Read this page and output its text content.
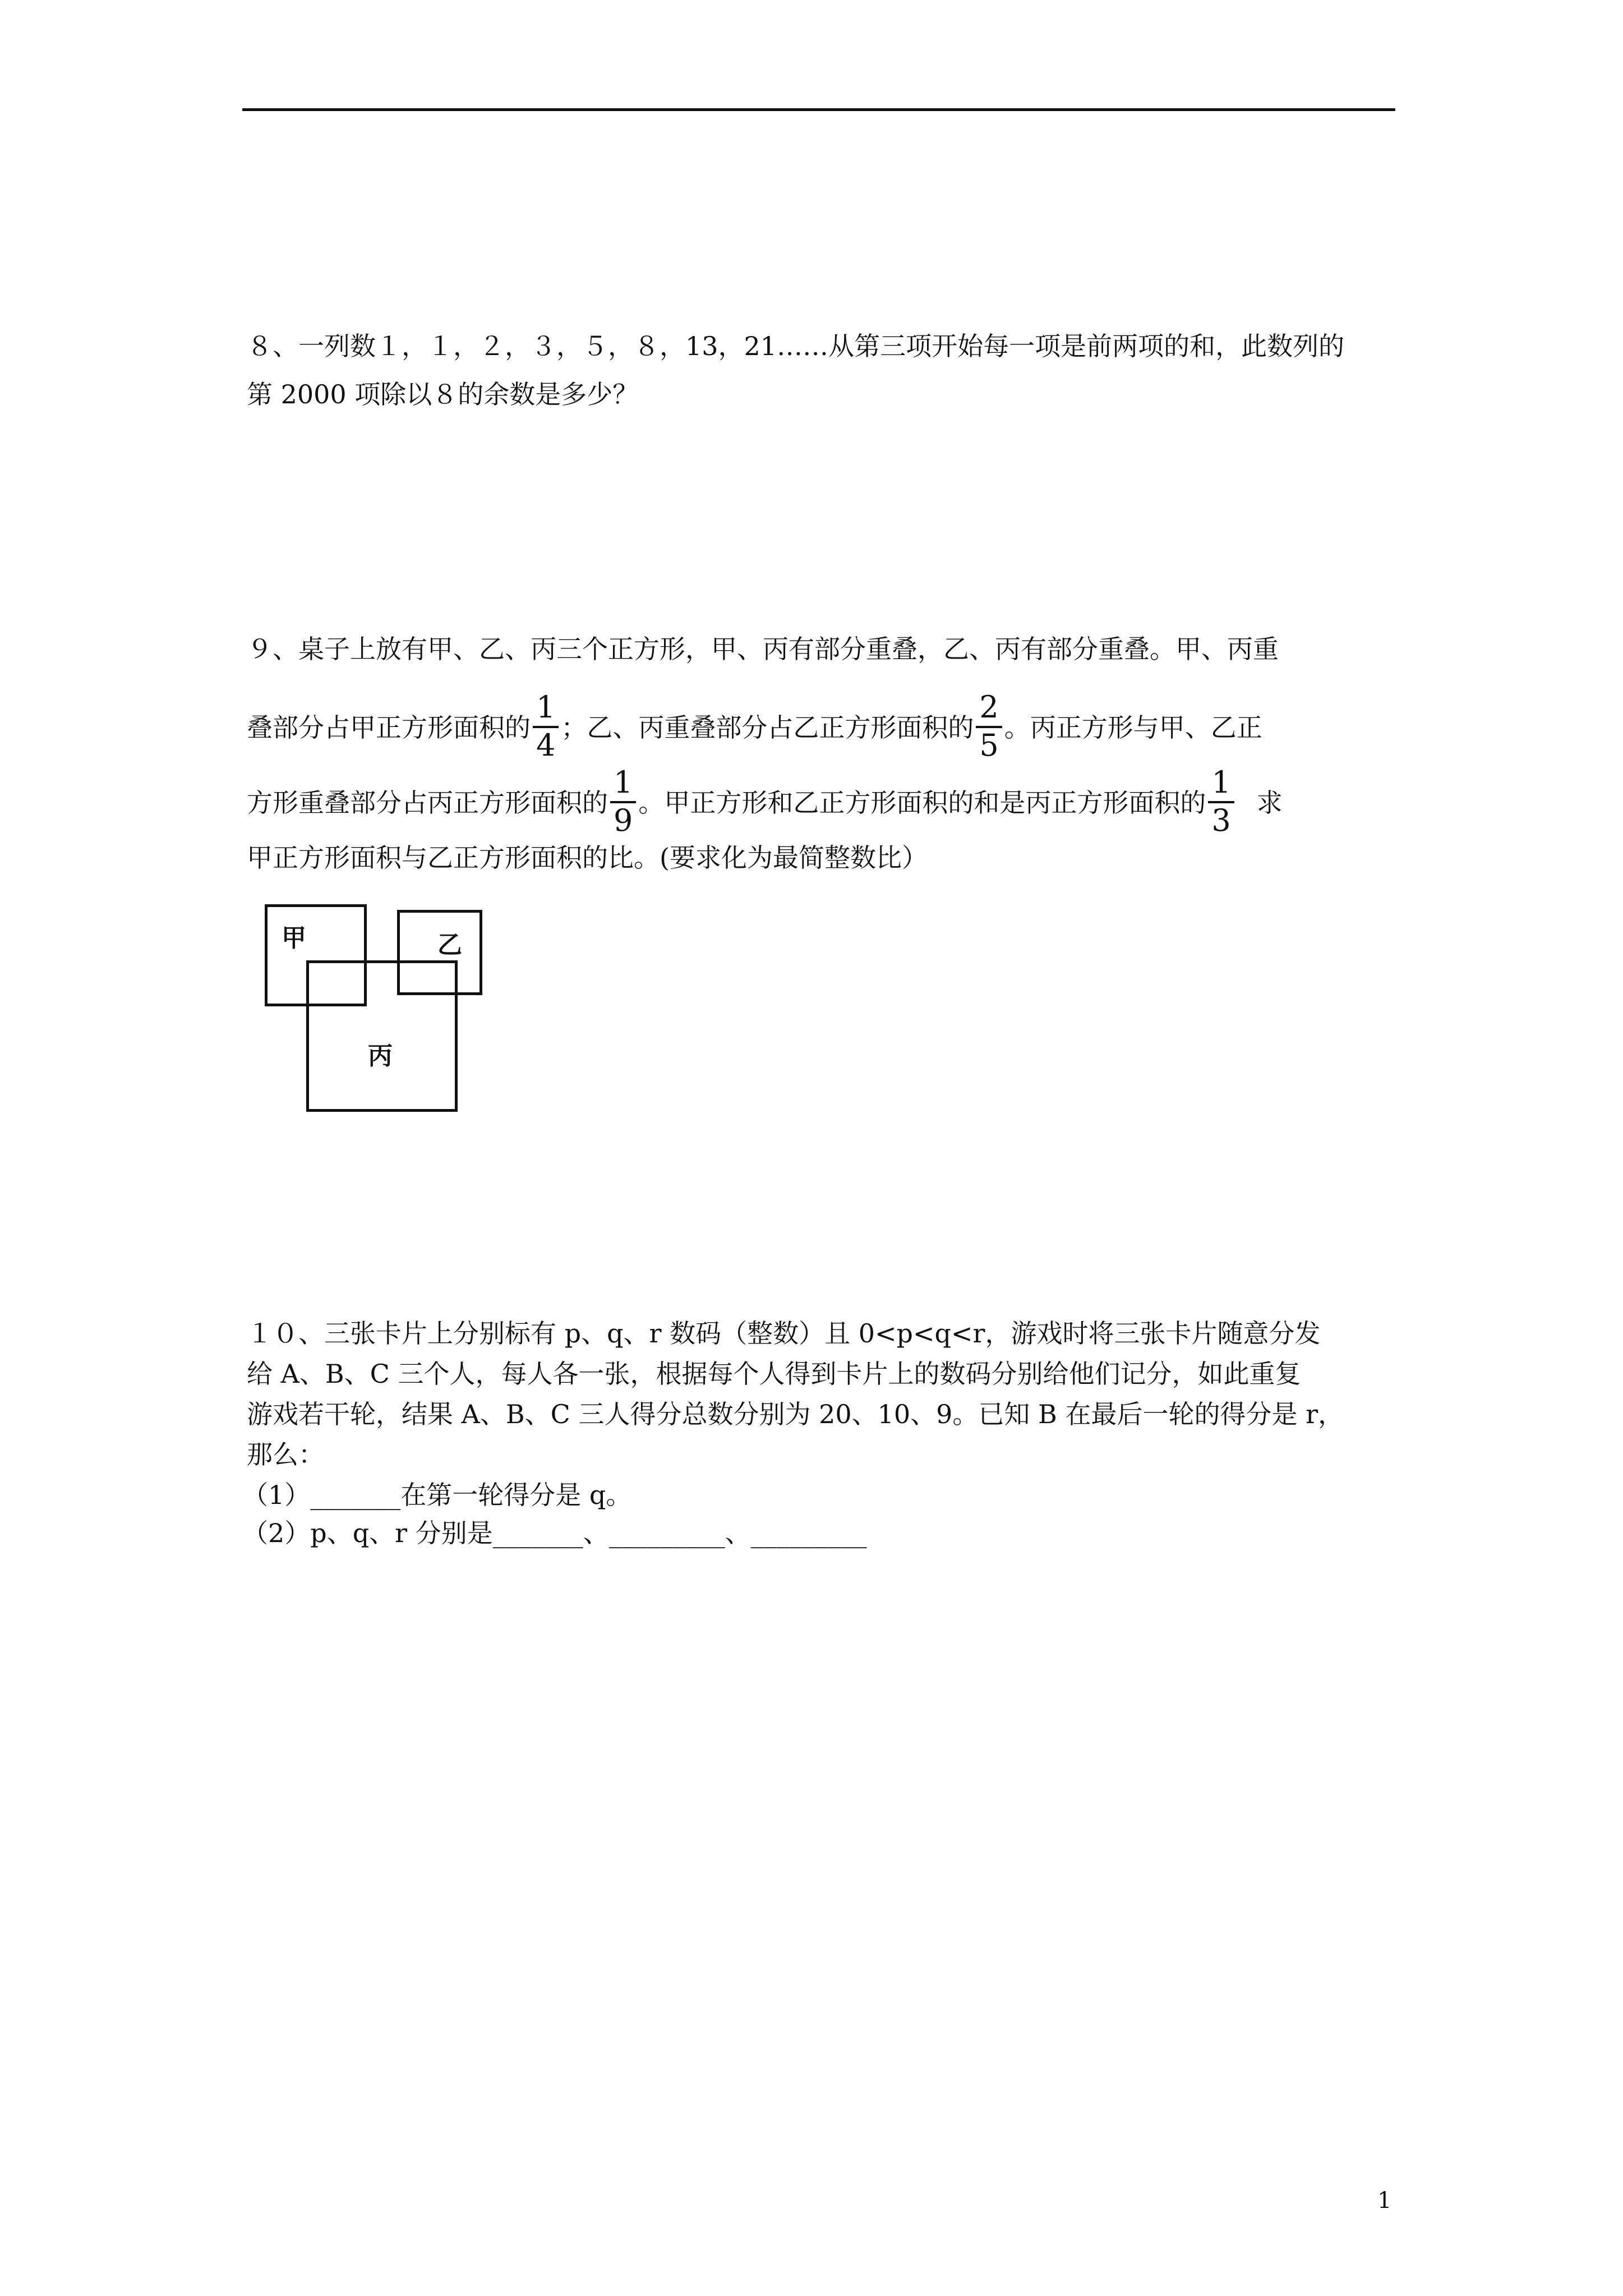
８、一列数１，１，２，３，５，８，13，21……从第三项开始每一项是前两项的和，此数列的
第 2000 项除以８的余数是多少？
９、桌子上放有甲、乙、丙三个正方形，甲、丙有部分重叠，乙、丙有部分重叠。甲、丙重
叠部分占甲正方形面积的 $\frac{1}{4}$ ；乙、丙重叠部分占乙正方形面积的 $\frac{2}{5}$ 。丙正方形与甲、乙正
方形重叠部分占丙正方形面积的 $\frac{1}{9}$ 。甲正方形和乙正方形面积的和是丙正方形面积的 $\frac{1}{3}$ 求
甲正方形面积与乙正方形面积的比。(要求化为最简整数比）
甲	乙
丙
１０、三张卡片上分别标有 p、q、r 数码（整数）且 0<p<q<r，游戏时将三张卡片随意分发
给 A、B、C 三个人，每人各一张，根据每个人得到卡片上的数码分别给他们记分，如此重复
游戏若干轮，结果 A、B、C 三人得分总数分别为 20、10、9。已知 B 在最后一轮的得分是 r，
那么：
（1）_______在第一轮得分是 q。
（2）p、q、r 分别是_______、_________、_________
1
